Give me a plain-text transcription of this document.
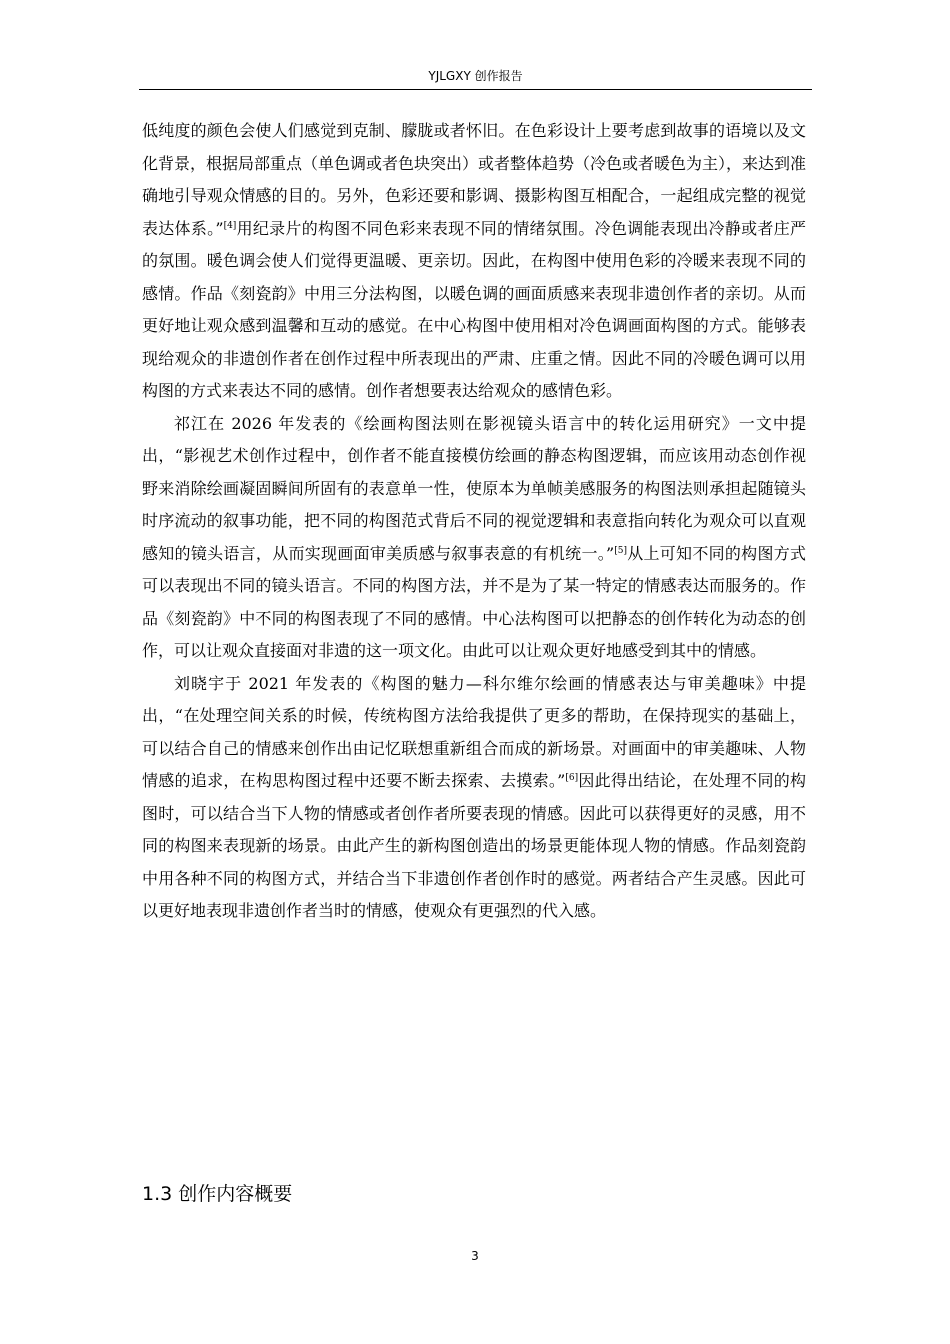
YJLGXY 创作报告

低纯度的颜色会使人们感觉到克制、朦胧或者怀旧。在色彩设计上要考虑到故事的语境以及文化背景，根据局部重点（单色调或者色块突出）或者整体趋势（冷色或者暖色为主），来达到准确地引导观众情感的目的。另外，色彩还要和影调、摄影构图互相配合，一起组成完整的视觉表达体系。”[4]用纪录片的构图不同色彩来表现不同的情绪氛围。冷色调能表现出冷静或者庄严的氛围。暖色调会使人们觉得更温暖、更亲切。因此，在构图中使用色彩的冷暖来表现不同的感情。作品《刻瓷韵》中用三分法构图，以暖色调的画面质感来表现非遗创作者的亲切。从而更好地让观众感到温馨和互动的感觉。在中心构图中使用相对冷色调画面构图的方式。能够表现给观众的非遗创作者在创作过程中所表现出的严肃、庄重之情。因此不同的冷暖色调可以用构图的方式来表达不同的感情。创作者想要表达给观众的感情色彩。

祁江在 2026 年发表的《绘画构图法则在影视镜头语言中的转化运用研究》一文中提出，“影视艺术创作过程中，创作者不能直接模仿绘画的静态构图逻辑，而应该用动态创作视野来消除绘画凝固瞬间所固有的表意单一性，使原本为单帧美感服务的构图法则承担起随镜头时序流动的叙事功能，把不同的构图范式背后不同的视觉逻辑和表意指向转化为观众可以直观感知的镜头语言，从而实现画面审美质感与叙事表意的有机统一。”[5]从上可知不同的构图方式可以表现出不同的镜头语言。不同的构图方法，并不是为了某一特定的情感表达而服务的。作品《刻瓷韵》中不同的构图表现了不同的感情。中心法构图可以把静态的创作转化为动态的创作，可以让观众直接面对非遗的这一项文化。由此可以让观众更好地感受到其中的情感。

刘晓宇于 2021 年发表的《构图的魅力—科尔维尔绘画的情感表达与审美趣味》中提出，“在处理空间关系的时候，传统构图方法给我提供了更多的帮助，在保持现实的基础上，可以结合自己的情感来创作出由记忆联想重新组合而成的新场景。对画面中的审美趣味、人物情感的追求，在构思构图过程中还要不断去探索、去摸索。”[6]因此得出结论，在处理不同的构图时，可以结合当下人物的情感或者创作者所要表现的情感。因此可以获得更好的灵感，用不同的构图来表现新的场景。由此产生的新构图创造出的场景更能体现人物的情感。作品刻瓷韵中用各种不同的构图方式，并结合当下非遗创作者创作时的感觉。两者结合产生灵感。因此可以更好地表现非遗创作者当时的情感，使观众有更强烈的代入感。

1.3 创作内容概要
3
